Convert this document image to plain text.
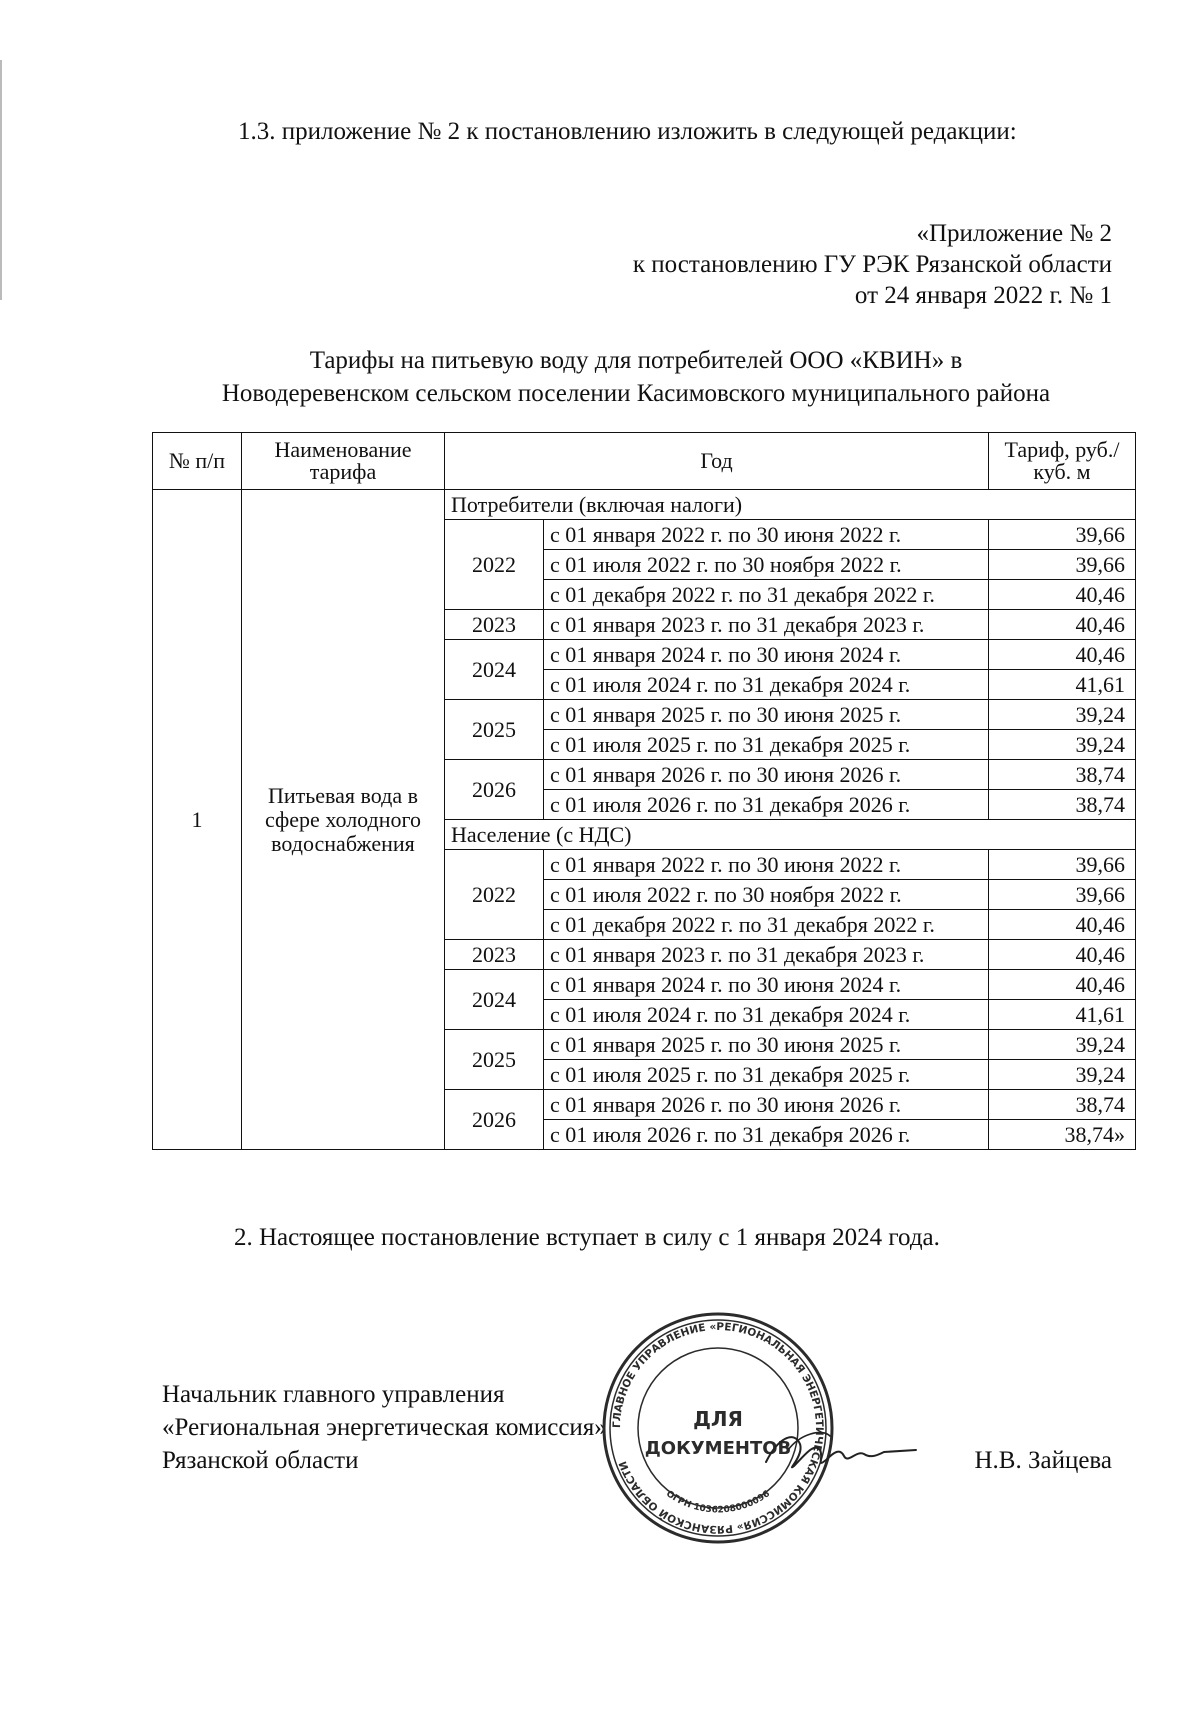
1.3. приложение № 2 к постановлению изложить в следующей редакции:

«Приложение № 2
к постановлению ГУ РЭК Рязанской области
от 24 января 2022 г. № 1
Тарифы на питьевую воду для потребителей ООО «КВИН» в
Новодеревенском сельском поселении Касимовского муниципального района
№ п/п	Наименование тарифа	Год		Тариф, руб./куб. м
1	Питьевая вода в сфере холодного водоснабжения	Потребители (включая налоги)		
		2022	с 01 января 2022 г. по 30 июня 2022 г.	39,66
			с 01 июля 2022 г. по 30 ноября 2022 г.	39,66
			с 01 декабря 2022 г. по 31 декабря 2022 г.	40,46
		2023	с 01 января 2023 г. по 31 декабря 2023 г.	40,46
		2024	с 01 января 2024 г. по 30 июня 2024 г.	40,46
			с 01 июля 2024 г. по 31 декабря 2024 г.	41,61
		2025	с 01 января 2025 г. по 30 июня 2025 г.	39,24
			с 01 июля 2025 г. по 31 декабря 2025 г.	39,24
		2026	с 01 января 2026 г. по 30 июня 2026 г.	38,74
			с 01 июля 2026 г. по 31 декабря 2026 г.	38,74
		Население (с НДС)		
		2022	с 01 января 2022 г. по 30 июня 2022 г.	39,66
			с 01 июля 2022 г. по 30 ноября 2022 г.	39,66
			с 01 декабря 2022 г. по 31 декабря 2022 г.	40,46
		2023	с 01 января 2023 г. по 31 декабря 2023 г.	40,46
		2024	с 01 января 2024 г. по 30 июня 2024 г.	40,46
			с 01 июля 2024 г. по 31 декабря 2024 г.	41,61
		2025	с 01 января 2025 г. по 30 июня 2025 г.	39,24
			с 01 июля 2025 г. по 31 декабря 2025 г.	39,24
		2026	с 01 января 2026 г. по 30 июня 2026 г.	38,74
			с 01 июля 2026 г. по 31 декабря 2026 г.	38,74»

2. Настоящее постановление вступает в силу с 1 января 2024 года.

Начальник главного управления
«Региональная энергетическая комиссия»
Рязанской области	Н.В. Зайцева
ГЛАВНОЕ УПРАВЛЕНИЕ «РЕГИОНАЛЬНАЯ ЭНЕРГЕТИЧЕСКАЯ КОМИССИЯ» РЯЗАНСКОЙ ОБЛАСТИ
ОГРН 1036208000096
ДЛЯ
ДОКУМЕНТОВ
